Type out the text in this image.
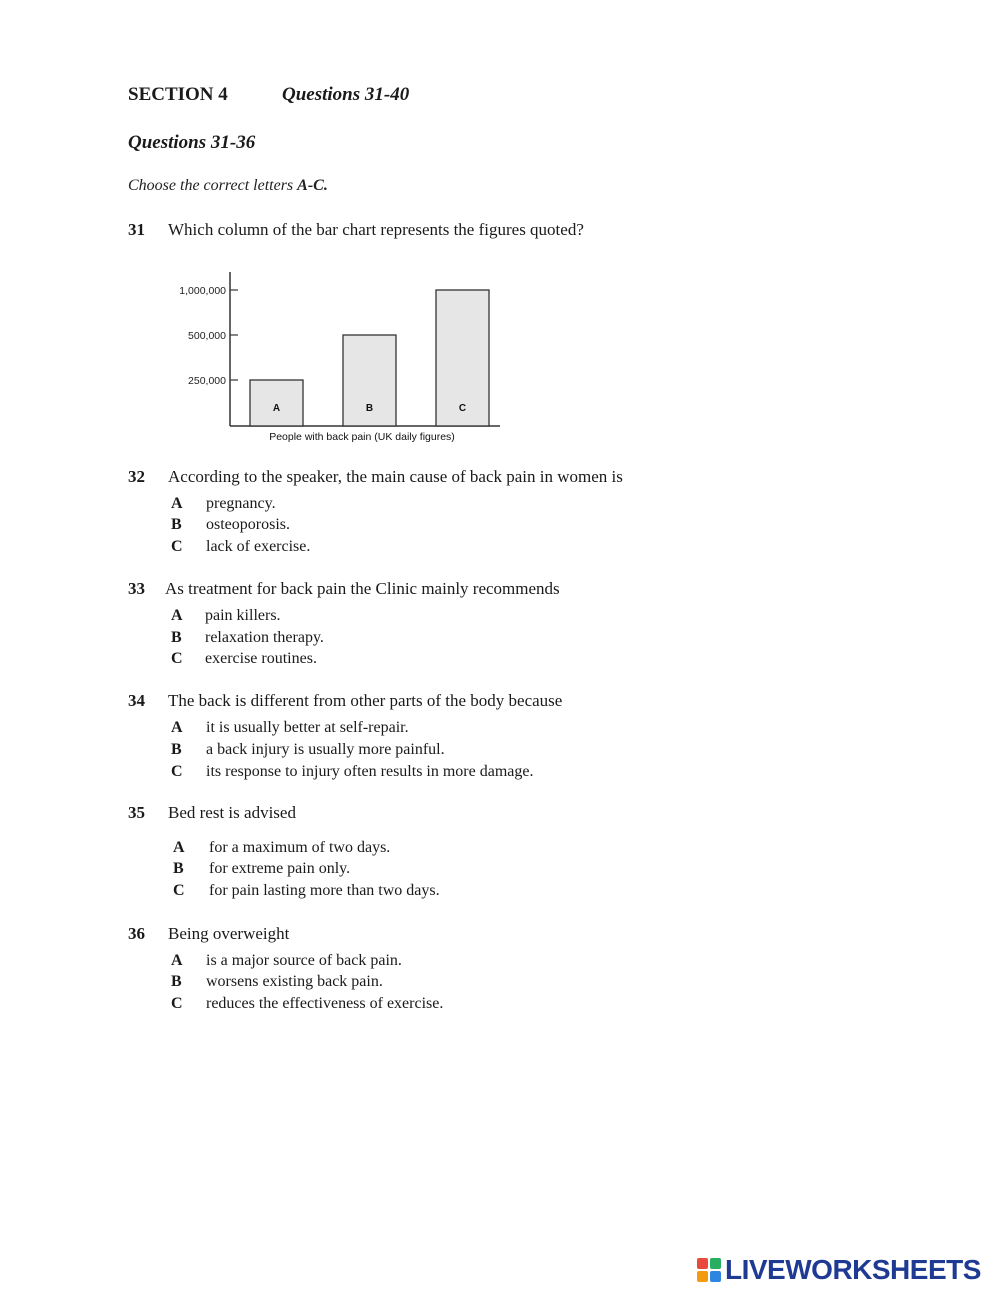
SECTION 4	Questions 31-40
Questions 31-36
Choose the correct letters A-C.
31 Which column of the bar chart represents the figures quoted?
1,000,000
500,000
250,000
A	B	C
People with back pain (UK daily figures)
32 According to the speaker, the main cause of back pain in women is
A pregnancy.
B osteoporosis.
C lack of exercise.
33 As treatment for back pain the Clinic mainly recommends
A pain killers.
B relaxation therapy.
C exercise routines.
34 The back is different from other parts of the body because
A it is usually better at self-repair.
B a back injury is usually more painful.
C its response to injury often results in more damage.
35 Bed rest is advised
A for a maximum of two days.
B for extreme pain only.
C for pain lasting more than two days.
36 Being overweight
A is a major source of back pain.
B worsens existing back pain.
C reduces the effectiveness of exercise.
LIVEWORKSHEETS
